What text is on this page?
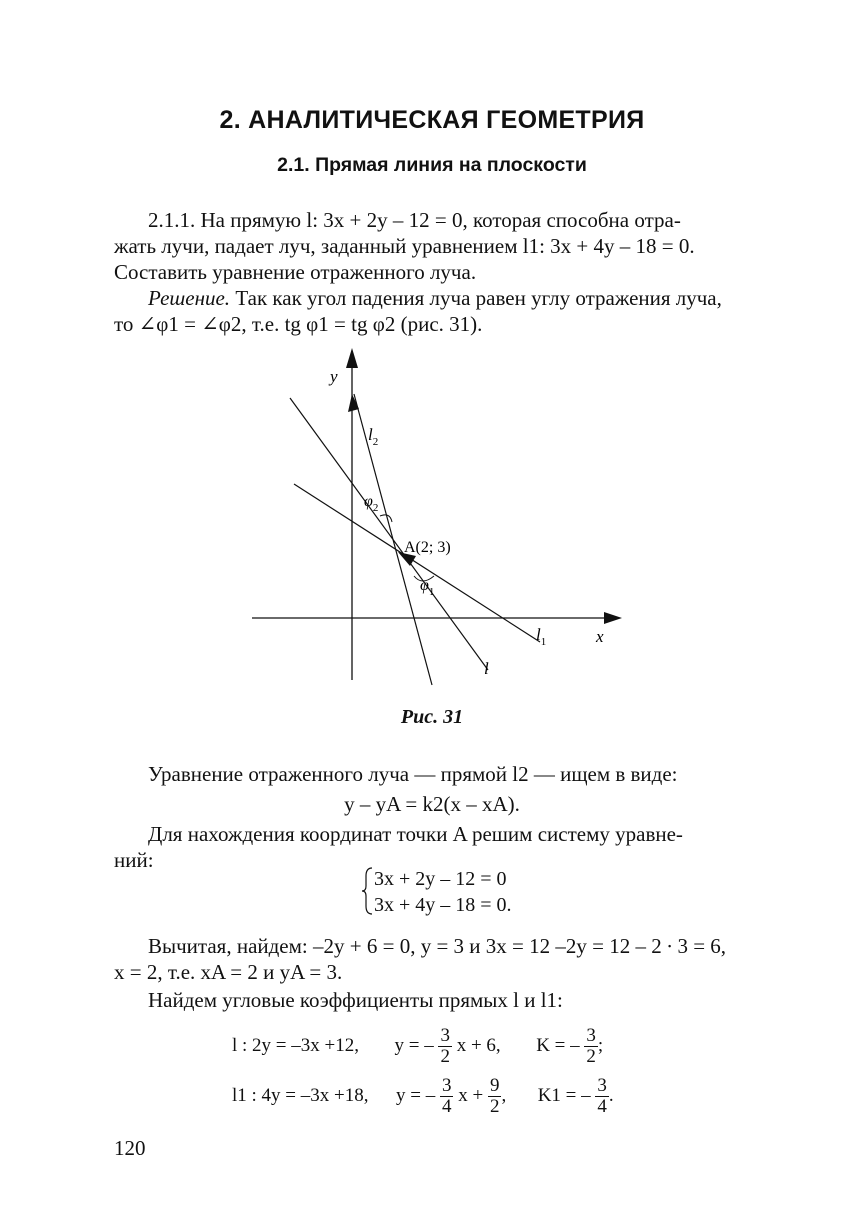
2. АНАЛИТИЧЕСКАЯ ГЕОМЕТРИЯ
2.1. Прямая линия на плоскости
2.1.1. На прямую l: 3x + 2y – 12 = 0, которая способна отра-
жать лучи, падает луч, заданный уравнением l1: 3x + 4y – 18 = 0.
Составить уравнение отраженного луча.
Решение. Так как угол падения луча равен углу отражения луча,
то ∠φ1 = ∠φ2, т.е. tg φ1 = tg φ2 (рис. 31).
y
x
$l_2$
$l_1$
l
$\varphi_2$
$\varphi_1$
A(2; 3)
Рис. 31
Уравнение отраженного луча — прямой l2 — ищем в виде:
y – yA = k2(x – xA).
Для нахождения координат точки A решим систему уравне-
ний:
3x + 2y – 12 = 0
3x + 4y – 18 = 0.
Вычитая, найдем: –2y + 6 = 0, y = 3 и 3x = 12 –2y = 12 – 2 ∙ 3 = 6,
x = 2, т.е. xA = 2 и yA = 3.
Найдем угловые коэффициенты прямых l и l1:
l : 2y = –3x +12, y = – $\frac{3}{2}$ x + 6, K = – $\frac{3}{2}$ ;
l1 : 4y = –3x +18, y = – $\frac{3}{4}$ $x + \frac{9}{2}$ , K1 = – $\frac{3}{4}$ .
120
